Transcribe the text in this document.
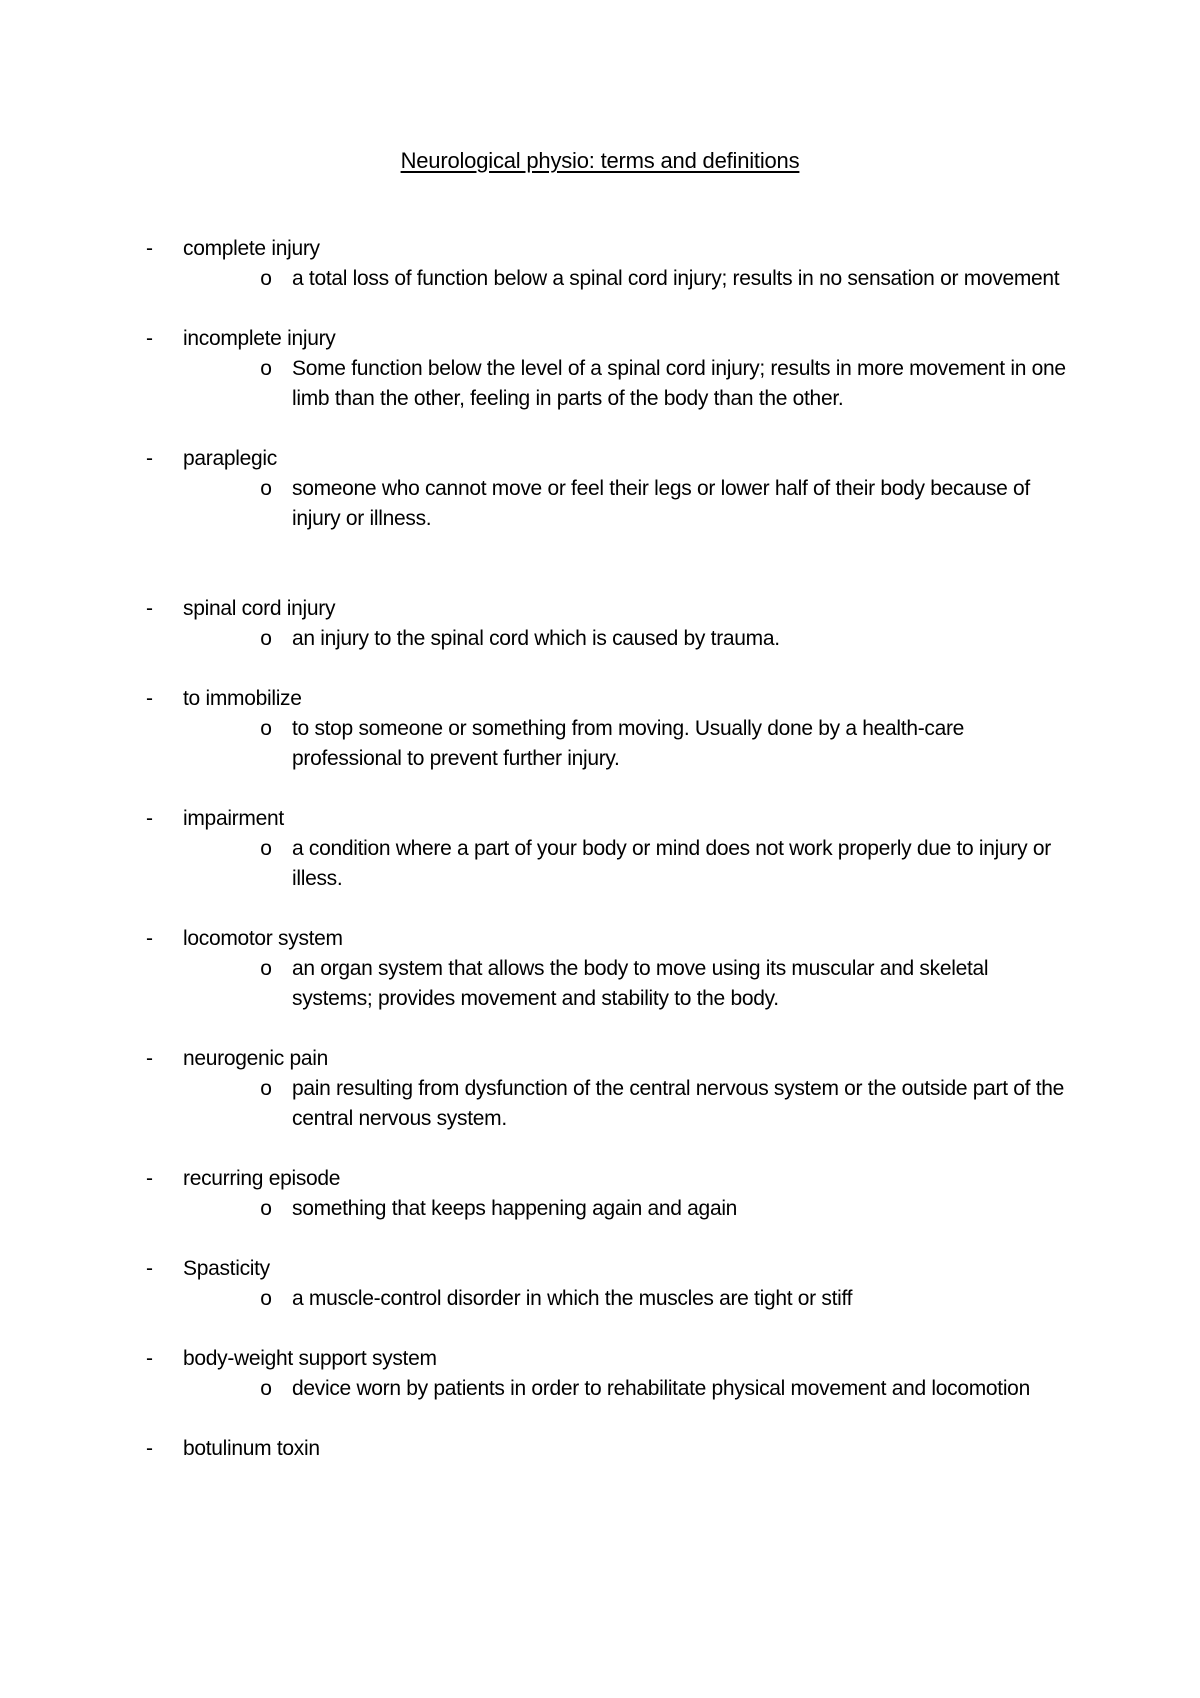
Neurological physio: terms and definitions
-	complete injury
o a total loss of function below a spinal cord injury; results in no sensation or movement
-	incomplete injury
o Some function below the level of a spinal cord injury; results in more movement in one limb than the other, feeling in parts of the body than the other.
-	paraplegic
o someone who cannot move or feel their legs or lower half of their body because of injury or illness.
-	spinal cord injury
o an injury to the spinal cord which is caused by trauma.
-	to immobilize
o to stop someone or something from moving. Usually done by a health-care professional to prevent further injury.
-	impairment
o a condition where a part of your body or mind does not work properly due to injury or illess.
-	locomotor system
o an organ system that allows the body to move using its muscular and skeletal systems; provides movement and stability to the body.
-	neurogenic pain
o pain resulting from dysfunction of the central nervous system or the outside part of the central nervous system.
-	recurring episode
o something that keeps happening again and again
-	Spasticity
o a muscle-control disorder in which the muscles are tight or stiff
-	body-weight support system
o device worn by patients in order to rehabilitate physical movement and locomotion
-	botulinum toxin
